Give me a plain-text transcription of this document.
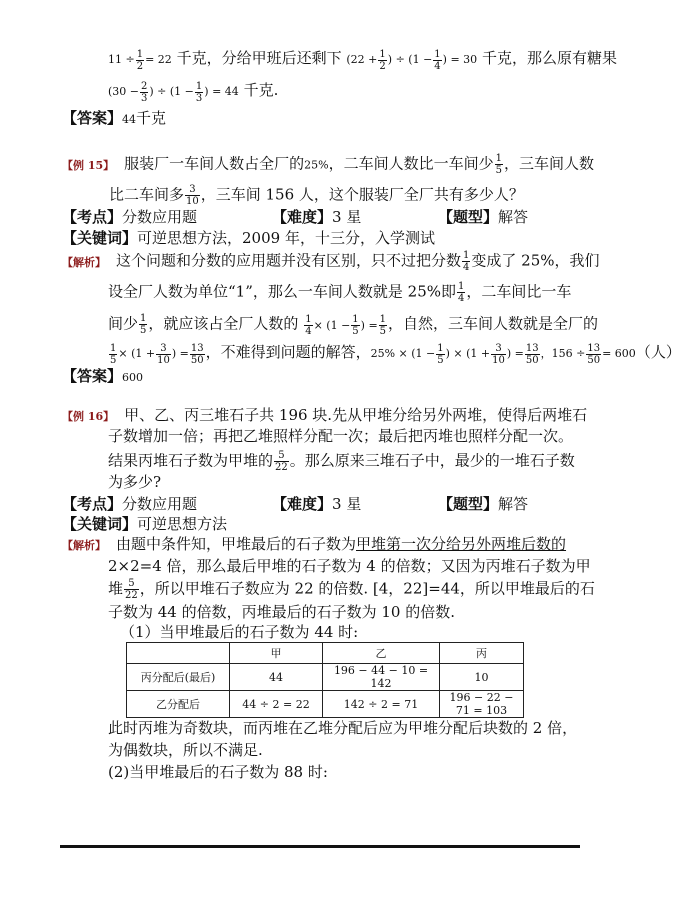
$11 \div \frac{1}{2} = 22$ 千克，分给甲班后还剩下 ($22 + \frac{1}{2}$ ) ÷ ($1 - \frac{1}{4}$ ) = 30 千克，那么原有糖果
($30 - \frac{2}{3}$ ) ÷ ($1 - \frac{1}{3}$ ) = 44 千克.
【答案】44千克
【例 15】 服装厂一车间人数占全厂的25%，二车间人数比一车间少 $\frac{1}{5}$ ，三车间人数
比二车间多 $\frac{3}{10}$ ，三车间 156 人，这个服装厂全厂共有多少人？
【考点】分数应用题	【难度】3 星	【题型】解答
【关键词】可逆思想方法，2009 年，十三分，入学测试
【解析】 这个问题和分数的应用题并没有区别，只不过把分数 $\frac{1}{4}$ 变成了 25%，我们
设全厂人数为单位“1”，那么一车间人数就是 25%即 $\frac{1}{4}$ ，二车间比一车
间少 $\frac{1}{5}$ ，就应该占全厂人数的 $\frac{1}{4} \times (1 - \frac{1}{5}$ ) = $\frac{1}{5}$ ，自然，三车间人数就是全厂的
$\frac{1}{5} \times (1 + \frac{3}{10}$ ) = $\frac{13}{50}$ ，不难得到问题的解答，$25\% \times (1 - \frac{1}{5}$ ) × ($1 + \frac{3}{10}$ ) = $\frac{13}{50}$ ，$156 \div \frac{13}{50} = 600$（人）
【答案】600
【例 16】 甲、乙、丙三堆石子共 196 块.先从甲堆分给另外两堆，使得后两堆石
子数增加一倍；再把乙堆照样分配一次；最后把丙堆也照样分配一次。
结果丙堆石子数为甲堆的 $\frac{5}{22}$ 。那么原来三堆石子中，最少的一堆石子数
为多少?
【考点】分数应用题	【难度】3 星	【题型】解答
【关键词】可逆思想方法
【解析】 由题中条件知，甲堆最后的石子数为甲堆第一次分给另外两堆后数的
2×2=4 倍，那么最后甲堆的石子数为 4 的倍数；又因为丙堆石子数为甲
堆 $\frac{5}{22}$ ，所以甲堆石子数应为 22 的倍数. [4，22]=44，所以甲堆最后的石
子数为 44 的倍数，丙堆最后的石子数为 10 的倍数.
（1）当甲堆最后的石子数为 44 时:
	甲	乙	丙
丙分配后(最后)	44	196 − 44 − 10 = 142	10
乙分配后	44 ÷ 2 = 22	142 ÷ 2 = 71	196 − 22 − 71 = 103
此时丙堆为奇数块，而丙堆在乙堆分配后应为甲堆分配后块数的 2 倍，
为偶数块，所以不满足.
(2)当甲堆最后的石子数为 88 时:
